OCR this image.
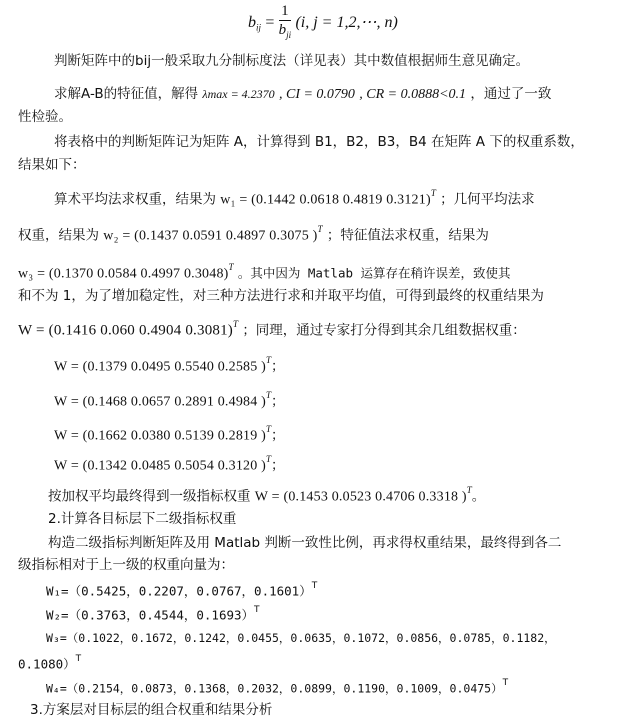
$b_{ij} = \frac{1}{b_{ji}} (i$, j = 1,2,⋯, n)
判断矩阵中的bij一般采取九分制标度法（详见表）其中数值根据师生意见确定。
求解A-B的特征值，解得 λmax = 4.2370 , CI = 0.0790 , CR = 0.0888<0.1 ，通过了一致
性检验。
将表格中的判断矩阵记为矩阵 A，计算得到 B1，B2，B3，B4 在矩阵 A 下的权重系数，
结果如下：
算术平均法求权重，结果为 w₁ = (0.1442 0.0618 0.4819 0.3121)$^T$ ；几何平均法求
权重，结果为 w₂ = (0.1437 0.0591 0.4897 0.3075 )$^T$ ；特征值法求权重，结果为
w₃ = (0.1370 0.0584 0.4997 0.3048)$^T$ 。其中因为 Matlab 运算存在稍许误差，致使其
和不为 1，为了增加稳定性，对三种方法进行求和并取平均值，可得到最终的权重结果为
W = (0.1416 0.060 0.4904 0.3081)$^T$ ；同理，通过专家打分得到其余几组数据权重：
W = (0.1379 0.0495 0.5540 0.2585 )$^T$；
W = (0.1468 0.0657 0.2891 0.4984 )$^T$；
W = (0.1662 0.0380 0.5139 0.2819 )$^T$；
W = (0.1342 0.0485 0.5054 0.3120 )$^T$；
按加权平均最终得到一级指标权重 W = (0.1453 0.0523 0.4706 0.3318 )$^T$。
2.计算各目标层下二级指标权重
构造二级指标判断矩阵及用 Matlab 判断一致性比例，再求得权重结果，最终得到各二
级指标相对于上一级的权重向量为：
W₁=（0.5425，0.2207，0.0767，0.1601）$^T$
W₂=（0.3763，0.4544，0.1693）$^T$
W₃=（0.1022，0.1672，0.1242，0.0455，0.0635，0.1072，0.0856，0.0785，0.1182，
0.1080）$^T$
W₄=（0.2154，0.0873，0.1368，0.2032，0.0899，0.1190，0.1009，0.0475）$^T$
3.方案层对目标层的组合权重和结果分析
